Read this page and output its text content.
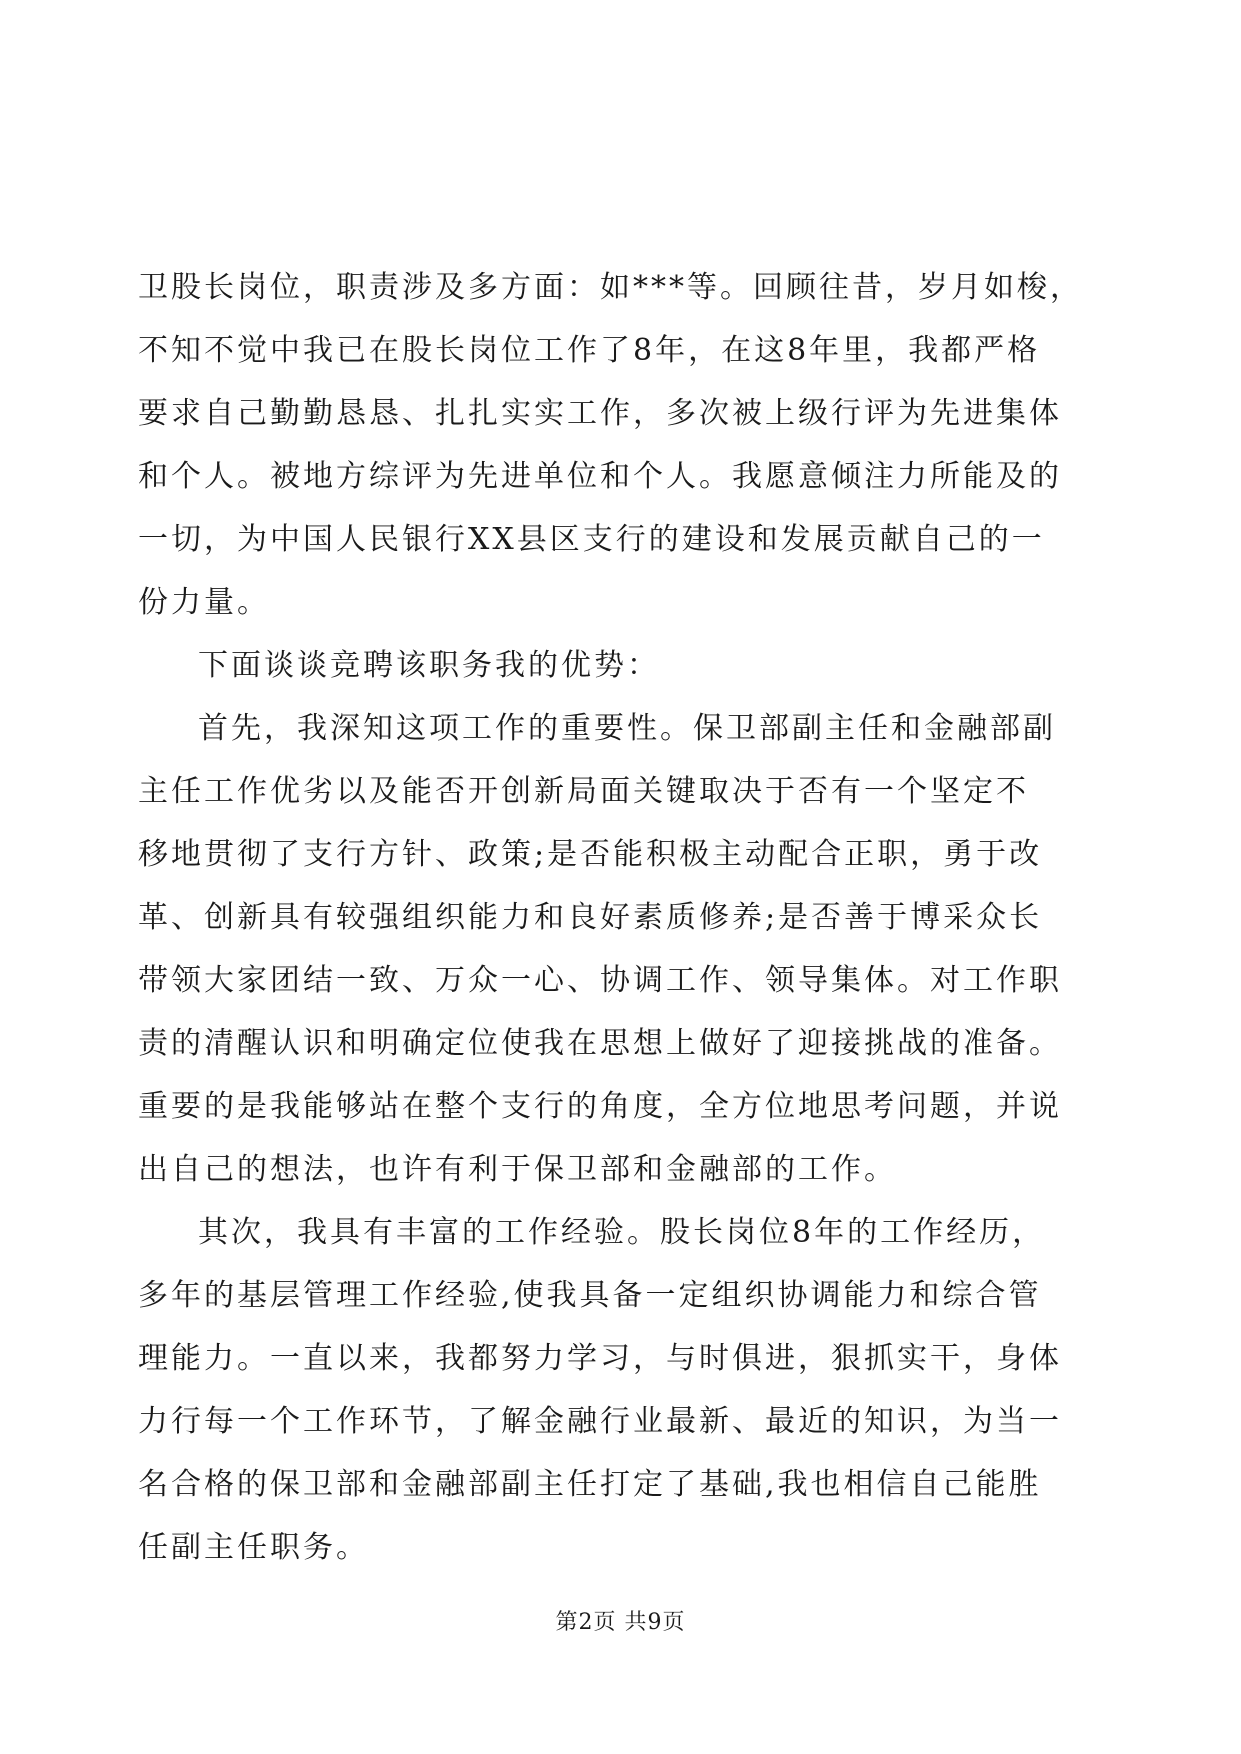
卫股长岗位，职责涉及多方面：如***等。回顾往昔，岁月如梭，
不知不觉中我已在股长岗位工作了8年，在这8年里，我都严格
要求自己勤勤恳恳、扎扎实实工作，多次被上级行评为先进集体
和个人。被地方综评为先进单位和个人。我愿意倾注力所能及的
一切，为中国人民银行XX县区支行的建设和发展贡献自己的一
份力量。
下面谈谈竞聘该职务我的优势：
首先，我深知这项工作的重要性。保卫部副主任和金融部副
主任工作优劣以及能否开创新局面关键取决于否有一个坚定不
移地贯彻了支行方针、政策;是否能积极主动配合正职，勇于改
革、创新具有较强组织能力和良好素质修养;是否善于博采众长
带领大家团结一致、万众一心、协调工作、领导集体。对工作职
责的清醒认识和明确定位使我在思想上做好了迎接挑战的准备。
重要的是我能够站在整个支行的角度，全方位地思考问题，并说
出自己的想法，也许有利于保卫部和金融部的工作。
其次，我具有丰富的工作经验。股长岗位8年的工作经历，
多年的基层管理工作经验,使我具备一定组织协调能力和综合管
理能力。一直以来，我都努力学习，与时俱进，狠抓实干，身体
力行每一个工作环节，了解金融行业最新、最近的知识，为当一
名合格的保卫部和金融部副主任打定了基础,我也相信自己能胜
任副主任职务。
第2页 共9页
